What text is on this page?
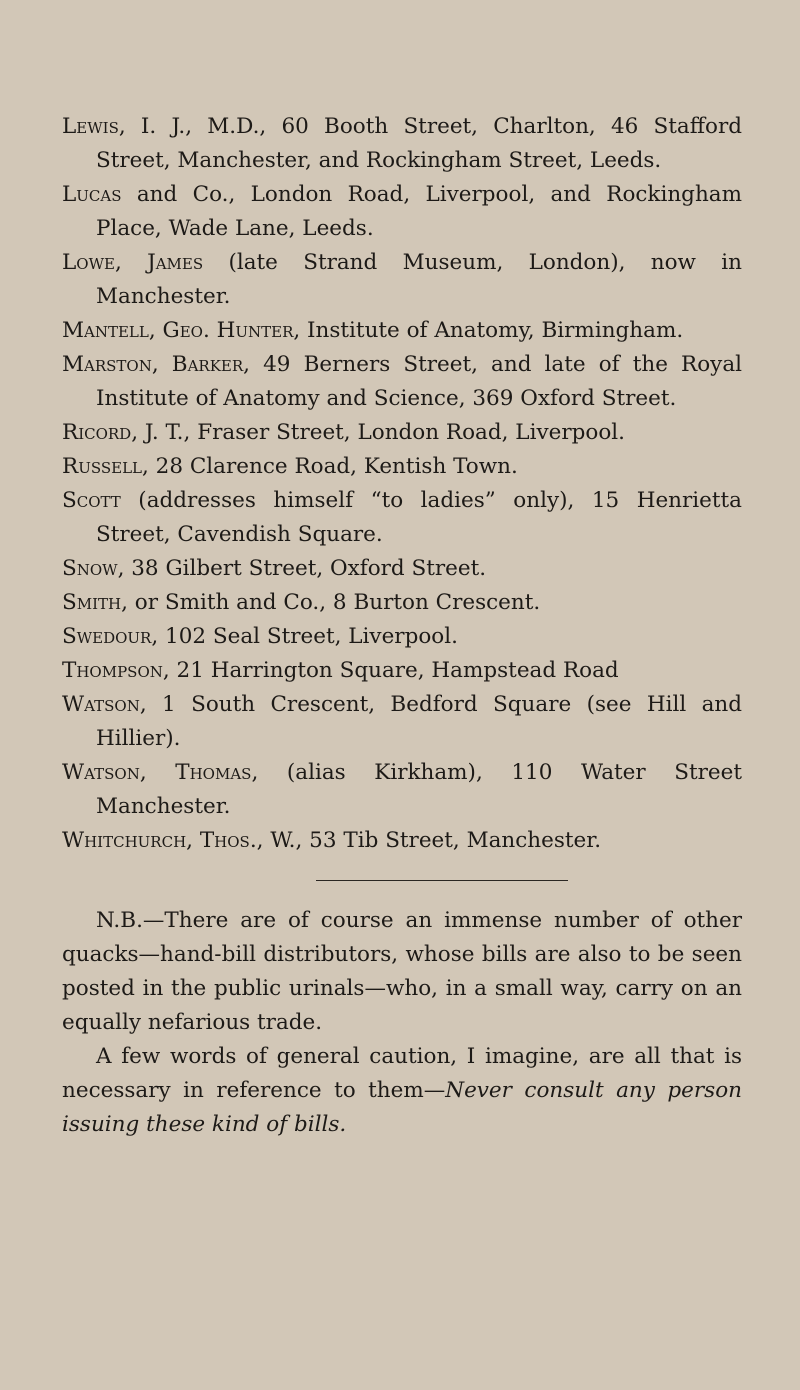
Lewis, I. J., M.D., 60 Booth Street, Charlton, 46 Stafford Street, Manchester, and Rockingham Street, Leeds.
Lucas and Co., London Road, Liverpool, and Rockingham Place, Wade Lane, Leeds.
Lowe, James (late Strand Museum, London), now in Manchester.
Mantell, Geo. Hunter, Institute of Anatomy, Birmingham.
Marston, Barker, 49 Berners Street, and late of the Royal Institute of Anatomy and Science, 369 Oxford Street.
Ricord, J. T., Fraser Street, London Road, Liverpool.
Russell, 28 Clarence Road, Kentish Town.
Scott (addresses himself “to ladies” only), 15 Henrietta Street, Cavendish Square.
Snow, 38 Gilbert Street, Oxford Street.
Smith, or Smith and Co., 8 Burton Crescent.
Swedour, 102 Seal Street, Liverpool.
Thompson, 21 Harrington Square, Hampstead Road
Watson, 1 South Crescent, Bedford Square (see Hill and Hillier).
Watson, Thomas, (alias Kirkham), 110 Water Street Manchester.
Whitchurch, Thos., W., 53 Tib Street, Manchester.

N.B.—There are of course an immense number of other quacks—hand-bill distributors, whose bills are also to be seen posted in the public urinals—who, in a small way, carry on an equally nefarious trade.

A few words of general caution, I imagine, are all that is necessary in reference to them—Never consult any person issuing these kind of bills.
